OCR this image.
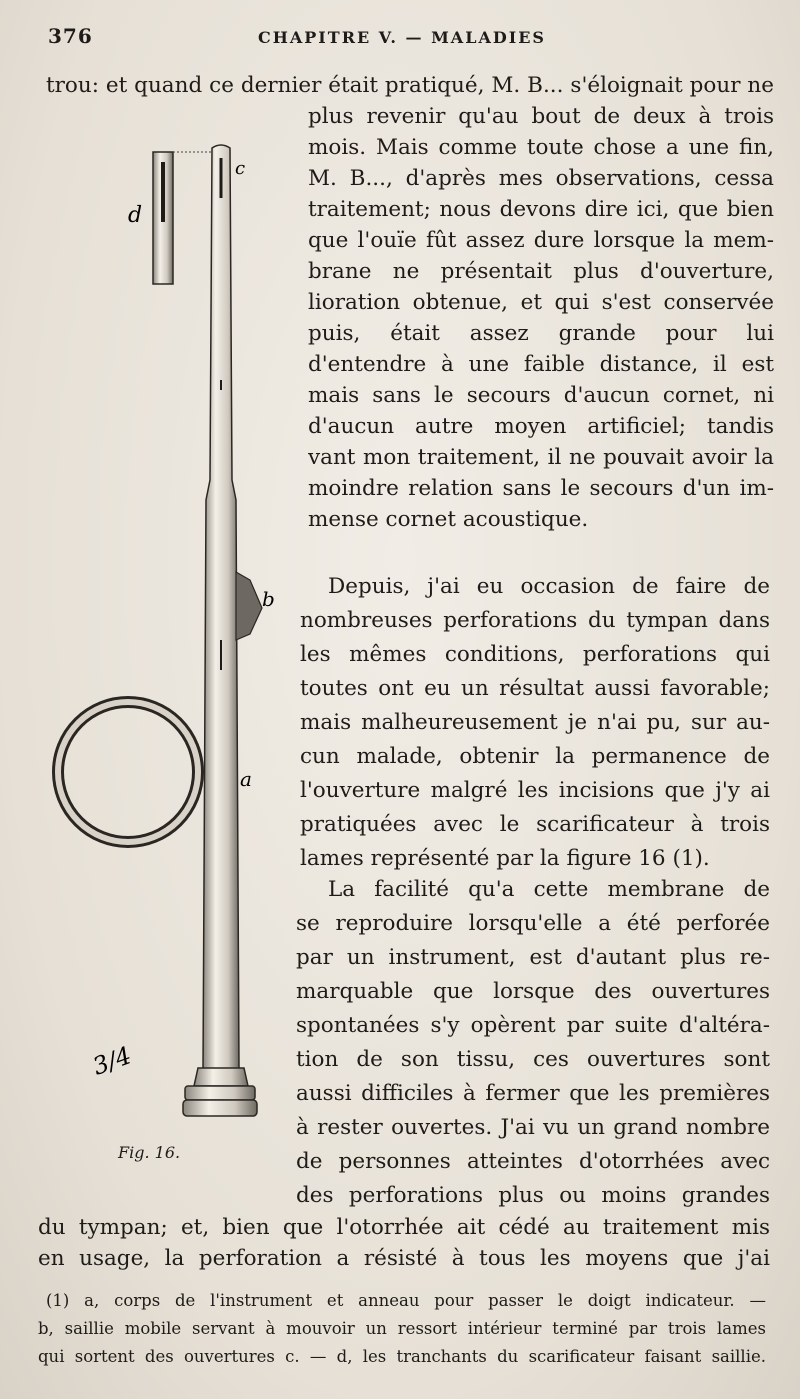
376	CHAPITRE V. — MALADIES
trou: et quand ce dernier était pratiqué, M. B... s'éloignait pour ne
plus revenir qu'au bout de deux à trois
mois. Mais comme toute chose a une fin,
M. B..., d'après mes observations, cessa
traitement; nous devons dire ici, que bien
que l'ouïe fût assez dure lorsque la mem-
brane ne présentait plus d'ouverture,
lioration obtenue, et qui s'est conservée
puis, était assez grande pour lui
d'entendre à une faible distance, il est
mais sans le secours d'aucun cornet, ni
d'aucun autre moyen artificiel; tandis
vant mon traitement, il ne pouvait avoir la
moindre relation sans le secours d'un im-
mense cornet acoustique.
Depuis, j'ai eu occasion de faire de
nombreuses perforations du tympan dans
les mêmes conditions, perforations qui
toutes ont eu un résultat aussi favorable;
mais malheureusement je n'ai pu, sur au-
cun malade, obtenir la permanence de
l'ouverture malgré les incisions que j'y ai
pratiquées avec le scarificateur à trois
lames représenté par la figure 16 (1).
La facilité qu'a cette membrane de
se reproduire lorsqu'elle a été perforée
par un instrument, est d'autant plus re-
marquable que lorsque des ouvertures
spontanées s'y opèrent par suite d'altéra-
tion de son tissu, ces ouvertures sont
aussi difficiles à fermer que les premières
à rester ouvertes. J'ai vu un grand nombre
de personnes atteintes d'otorrhées avec
des perforations plus ou moins grandes
du tympan; et, bien que l'otorrhée ait cédé au traitement mis
en usage, la perforation a résisté à tous les moyens que j'ai
d
c
b
a
3/4
Fig. 16.
(1) a, corps de l'instrument et anneau pour passer le doigt indicateur. —
b, saillie mobile servant à mouvoir un ressort intérieur terminé par trois lames
qui sortent des ouvertures c. — d, les tranchants du scarificateur faisant saillie.
